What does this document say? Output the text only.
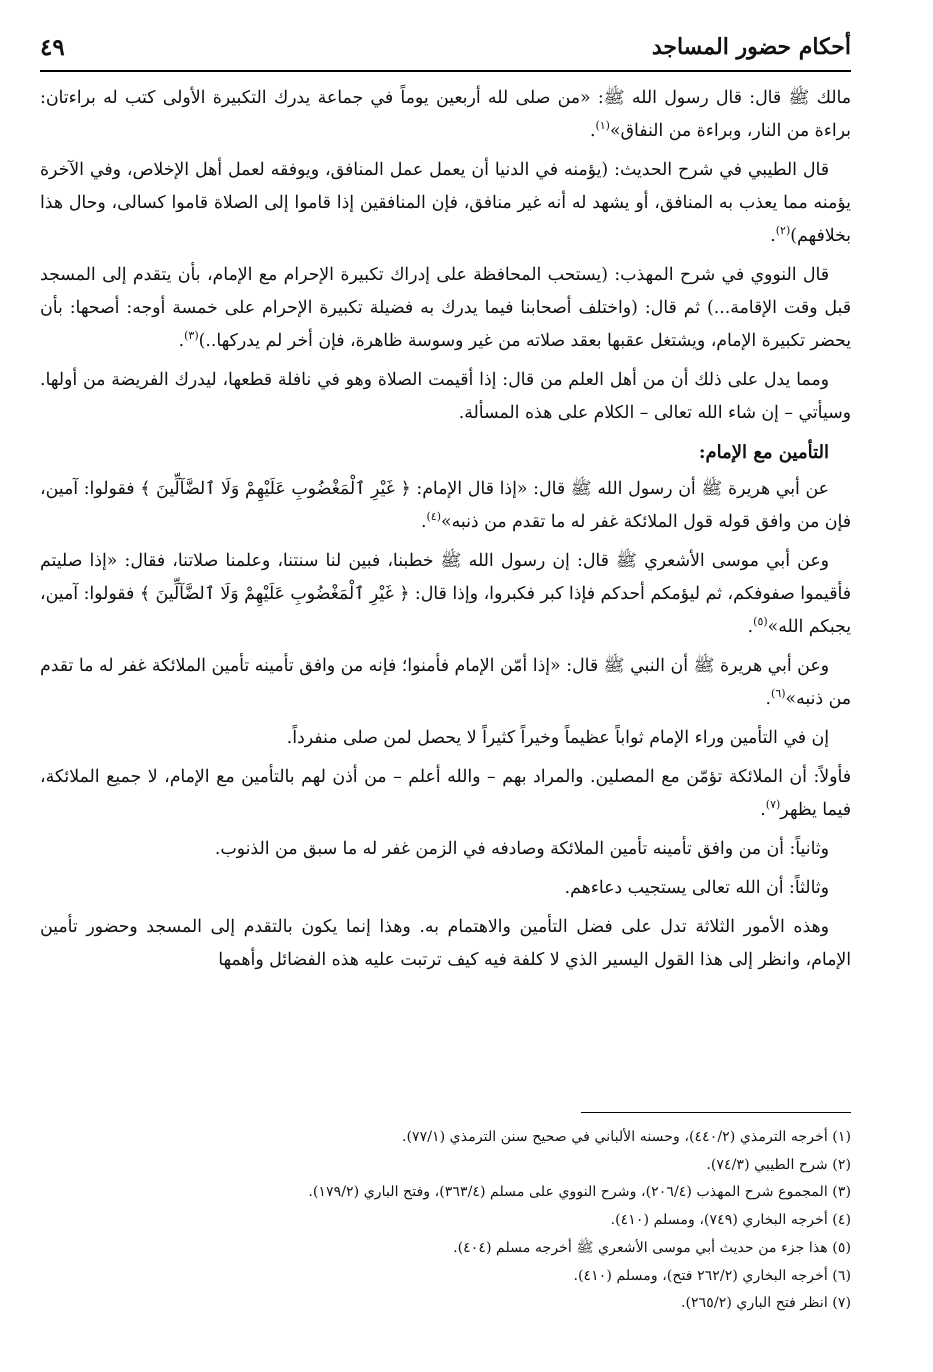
أحكام حضور المساجد
٤٩

مالك ﷺ قال: قال رسول الله ﷺ: «من صلى لله أربعين يوماً في جماعة يدرك التكبيرة الأولى كتب له براءتان: براءة من النار، وبراءة من النفاق»$^{(١)}$.

قال الطيبي في شرح الحديث: (يؤمنه في الدنيا أن يعمل عمل المنافق، ويوفقه لعمل أهل الإخلاص، وفي الآخرة يؤمنه مما يعذب به المنافق، أو يشهد له أنه غير منافق، فإن المنافقين إذا قاموا إلى الصلاة قاموا كسالى، وحال هذا بخلافهم)$^{(٢)}$.

قال النووي في شرح المهذب: (يستحب المحافظة على إدراك تكبيرة الإحرام مع الإمام، بأن يتقدم إلى المسجد قبل وقت الإقامة...) ثم قال: (واختلف أصحابنا فيما يدرك به فضيلة تكبيرة الإحرام على خمسة أوجه: أصحها: بأن يحضر تكبيرة الإمام، ويشتغل عقبها بعقد صلاته من غير وسوسة ظاهرة، فإن أخر لم يدركها..)$^{(٣)}$.

ومما يدل على ذلك أن من أهل العلم من قال: إذا أقيمت الصلاة وهو في نافلة قطعها، ليدرك الفريضة من أولها. وسيأتي – إن شاء الله تعالى – الكلام على هذه المسألة.

التأمين مع الإمام:

عن أبي هريرة ﷺ أن رسول الله ﷺ قال: «إذا قال الإمام: ﴿ غَيْرِ ٱلْمَغْضُوبِ عَلَيْهِمْ وَلَا ٱلضَّآلِّينَ ﴾ فقولوا: آمين، فإن من وافق قوله قول الملائكة غفر له ما تقدم من ذنبه»$^{(٤)}$.

وعن أبي موسى الأشعري ﷺ قال: إن رسول الله ﷺ خطبنا، فبين لنا سنتنا، وعلمنا صلاتنا، فقال: «إذا صليتم فأقيموا صفوفكم، ثم ليؤمكم أحدكم فإذا كبر فكبروا، وإذا قال: ﴿ غَيْرِ ٱلْمَغْضُوبِ عَلَيْهِمْ وَلَا ٱلضَّآلِّينَ ﴾ فقولوا: آمين، يجبكم الله»$^{(٥)}$.

وعن أبي هريرة ﷺ أن النبي ﷺ قال: «إذا أمّن الإمام فأمنوا؛ فإنه من وافق تأمينه تأمين الملائكة غفر له ما تقدم من ذنبه»$^{(٦)}$.

إن في التأمين وراء الإمام ثواباً عظيماً وخيراً كثيراً لا يحصل لمن صلى منفرداً.

فأولاً: أن الملائكة تؤمّن مع المصلين. والمراد بهم – والله أعلم – من أذن لهم بالتأمين مع الإمام، لا جميع الملائكة، فيما يظهر$^{(٧)}$.

وثانياً: أن من وافق تأمينه تأمين الملائكة وصادفه في الزمن غفر له ما سبق من الذنوب.

وثالثاً: أن الله تعالى يستجيب دعاءهم.

وهذه الأمور الثلاثة تدل على فضل التأمين والاهتمام به. وهذا إنما يكون بالتقدم إلى المسجد وحضور تأمين الإمام، وانظر إلى هذا القول اليسير الذي لا كلفة فيه كيف ترتبت عليه هذه الفضائل وأهمها

(١) أخرجه الترمذي (٤٤٠/٢)، وحسنه الألباني في صحيح سنن الترمذي (٧٧/١).

(٢) شرح الطيبي (٧٤/٣).

(٣) المجموع شرح المهذب (٢٠٦/٤)، وشرح النووي على مسلم (٣٦٣/٤)، وفتح الباري (١٧٩/٢).

(٤) أخرجه البخاري (٧٤٩)، ومسلم (٤١٠).

(٥) هذا جزء من حديث أبي موسى الأشعري ﷺ أخرجه مسلم (٤٠٤).

(٦) أخرجه البخاري (٢٦٢/٢ فتح)، ومسلم (٤١٠).

(٧) انظر فتح الباري (٢٦٥/٢).
